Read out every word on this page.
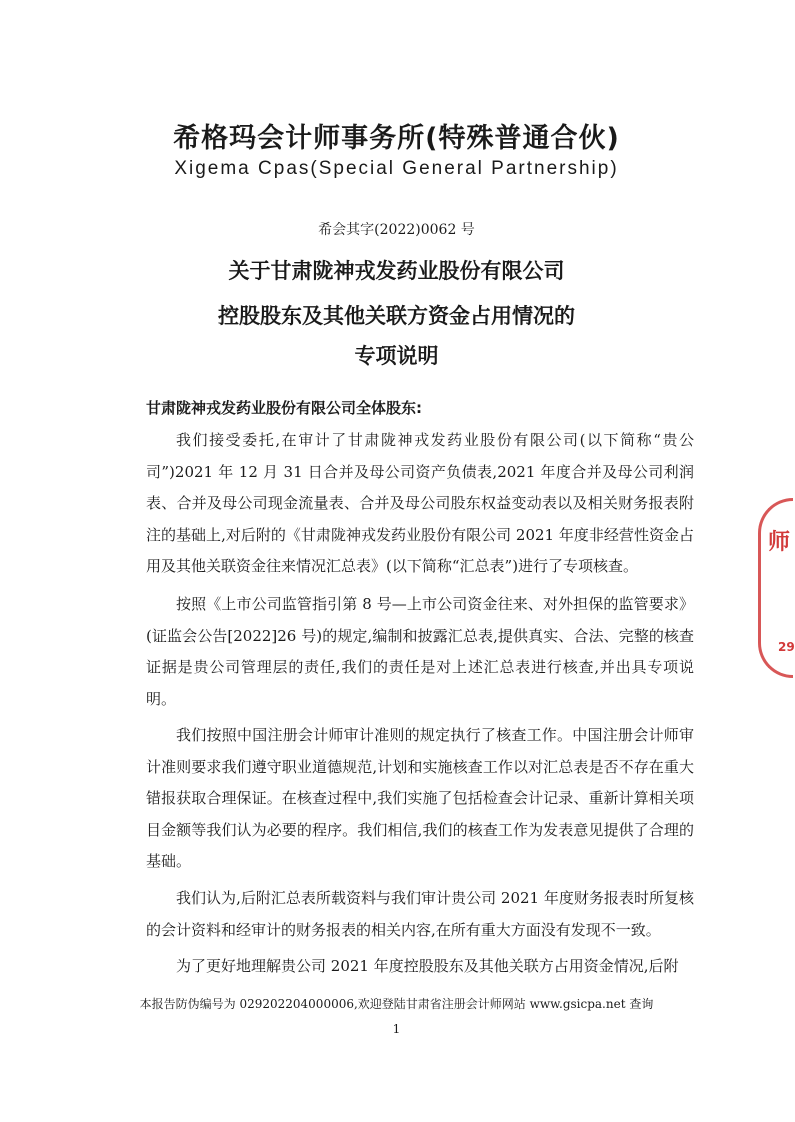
希格玛会计师事务所(特殊普通合伙)
Xigema Cpas(Special General Partnership)
希会其字(2022)0062 号
关于甘肃陇神戎发药业股份有限公司
控股股东及其他关联方资金占用情况的
专项说明
甘肃陇神戎发药业股份有限公司全体股东:
我们接受委托,在审计了甘肃陇神戎发药业股份有限公司(以下简称“贵公司”)2021 年 12 月 31 日合并及母公司资产负债表,2021 年度合并及母公司利润表、合并及母公司现金流量表、合并及母公司股东权益变动表以及相关财务报表附注的基础上,对后附的《甘肃陇神戎发药业股份有限公司 2021 年度非经营性资金占用及其他关联资金往来情况汇总表》(以下简称“汇总表”)进行了专项核查。
按照《上市公司监管指引第 8 号—上市公司资金往来、对外担保的监管要求》(证监会公告[2022]26 号)的规定,编制和披露汇总表,提供真实、合法、完整的核查证据是贵公司管理层的责任,我们的责任是对上述汇总表进行核查,并出具专项说明。
我们按照中国注册会计师审计准则的规定执行了核查工作。中国注册会计师审计准则要求我们遵守职业道德规范,计划和实施核查工作以对汇总表是否不存在重大错报获取合理保证。在核查过程中,我们实施了包括检查会计记录、重新计算相关项目金额等我们认为必要的程序。我们相信,我们的核查工作为发表意见提供了合理的基础。
我们认为,后附汇总表所载资料与我们审计贵公司 2021 年度财务报表时所复核的会计资料和经审计的财务报表的相关内容,在所有重大方面没有发现不一致。
为了更好地理解贵公司 2021 年度控股股东及其他关联方占用资金情况,后附
本报告防伪编号为 029202204000006,欢迎登陆甘肃省注册会计师网站 www.gsicpa.net 查询
1
师
29
